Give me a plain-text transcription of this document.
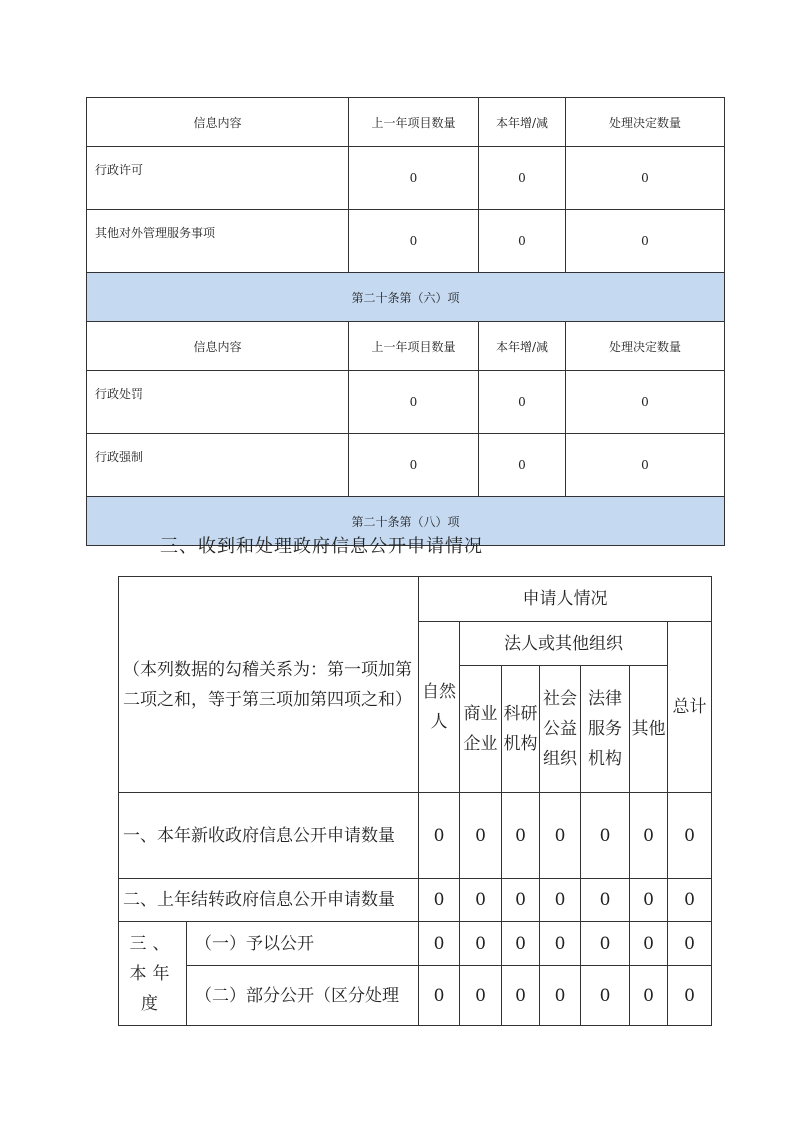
信息内容	上一年项目数量	本年增/减	处理决定数量
行政许可	0	0	0
其他对外管理服务事项	0	0	0
第二十条第（六）项			
信息内容	上一年项目数量	本年增/减	处理决定数量
行政处罚	0	0	0
行政强制	0	0	0
第二十条第（八）项			
三、收到和处理政府信息公开申请情况
（本列数据的勾稽关系为：第一项加第二项之和，等于第三项加第四项之和）		申请人情况						
		自然人	法人或其他组织					总计
			商业企业	科研机构	社会公益组织	法律服务机构	其他	
一、本年新收政府信息公开申请数量		0	0	0	0	0	0	0
二、上年结转政府信息公开申请数量		0	0	0	0	0	0	0
三、本年度	（一）予以公开	0	0	0	0	0	0	0
	（二）部分公开（区分处理	0	0	0	0	0	0	0
